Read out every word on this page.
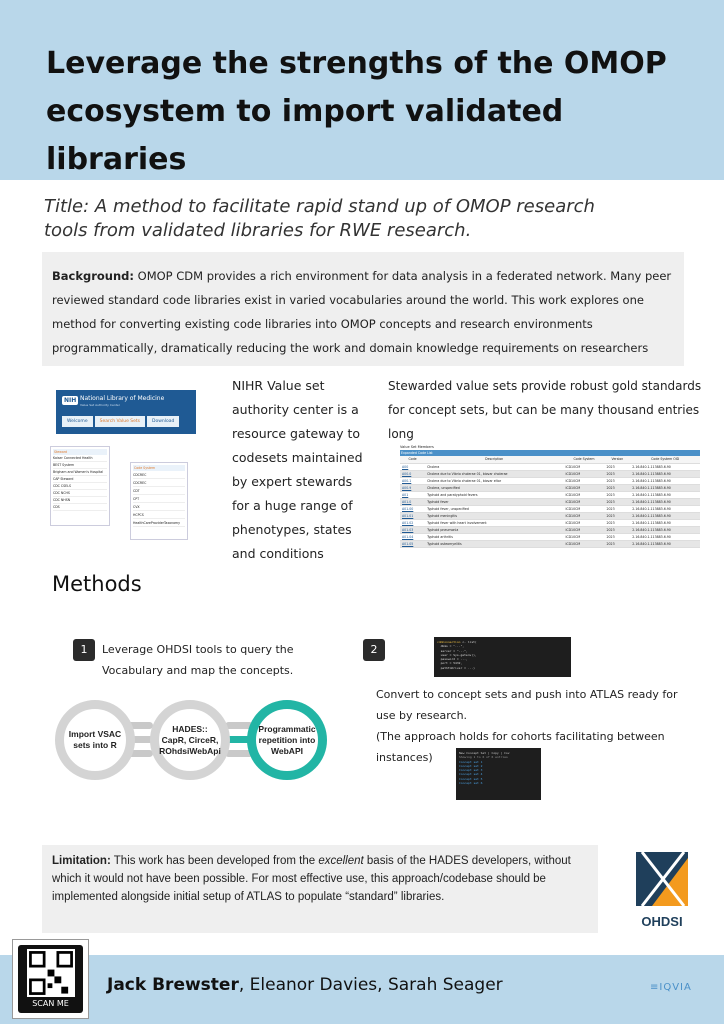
Leverage the strengths of the OMOP ecosystem to import validated libraries
Title: A method to facilitate rapid stand up of OMOP research tools from validated libraries for RWE research.
Background: OMOP CDM provides a rich environment for data analysis in a federated network. Many peer reviewed standard code libraries exist in varied vocabularies around the world. This work explores one method for converting existing code libraries into OMOP concepts and research environments programmatically, dramatically reducing the work and domain knowledge requirements on researchers
NIH National Library of Medicine
Value Set Authority Center
Welcome	Search Value Sets	Download
Steward
Kaiser Connected Health
BEST System
Brigham and Women's Hospital
CAP Steward
CDC CSELS
CDC NCHS
CDC NHSN
CDS
Code System
CDCREC
CDCREC
CDT
CPT
CVX
HCPCS
HealthCareProviderTaxonomy
NIHR Value set authority center is a resource gateway to codesets maintained by expert stewards for a huge range of phenotypes, states and conditions
Stewarded value sets provide robust gold standards for concept sets, but can be many thousand entries long
Value Set Members
Expanded Code List
Code	Description	Code System	Version	Code System OID
A00	Cholera	ICD10CM	2023	2.16.840.1.113883.6.90
A00.0	Cholera due to Vibrio cholerae 01, biovar cholerae	ICD10CM	2023	2.16.840.1.113883.6.90
A00.1	Cholera due to Vibrio cholerae 01, biovar eltor	ICD10CM	2023	2.16.840.1.113883.6.90
A00.9	Cholera, unspecified	ICD10CM	2023	2.16.840.1.113883.6.90
A01	Typhoid and paratyphoid fevers	ICD10CM	2023	2.16.840.1.113883.6.90
A01.0	Typhoid fever	ICD10CM	2023	2.16.840.1.113883.6.90
A01.00	Typhoid fever, unspecified	ICD10CM	2023	2.16.840.1.113883.6.90
A01.01	Typhoid meningitis	ICD10CM	2023	2.16.840.1.113883.6.90
A01.02	Typhoid fever with heart involvement	ICD10CM	2023	2.16.840.1.113883.6.90
A01.03	Typhoid pneumonia	ICD10CM	2023	2.16.840.1.113883.6.90
A01.04	Typhoid arthritis	ICD10CM	2023	2.16.840.1.113883.6.90
A01.05	Typhoid osteomyelitis	ICD10CM	2023	2.16.840.1.113883.6.90
Methods
1	Leverage OHDSI tools to query the Vocabulary and map the concepts.
Import VSAC sets into R
HADES:: CapR, CirceR, ROhdsiWebApi
Programmatic repetition into WebAPI
2
cdmConnection <- list(
dbms = "...",
server = "...",
user = Sys.getenv(),
password = ...,
port = 5432,
pathToDriver = ...)

Convert to concept sets and push into ATLAS ready for use by research.
(The approach holds for cohorts facilitating between instances)	New Concept Set | Copy | Csv
Showing 1 to 6 of 6 entries
Concept set 1
Concept set 2
Concept set 3
Concept set 4
Concept set 5
Concept set 6
Limitation: This work has been developed from the excellent basis of the HADES developers, without which it would not have been possible. For most effective use, this approach/codebase should be implemented alongside initial setup of ATLAS to populate “standard” libraries.
OHDSI
SCAN ME
Jack Brewster, Eleanor Davies, Sarah Seager	≡IQVIA
